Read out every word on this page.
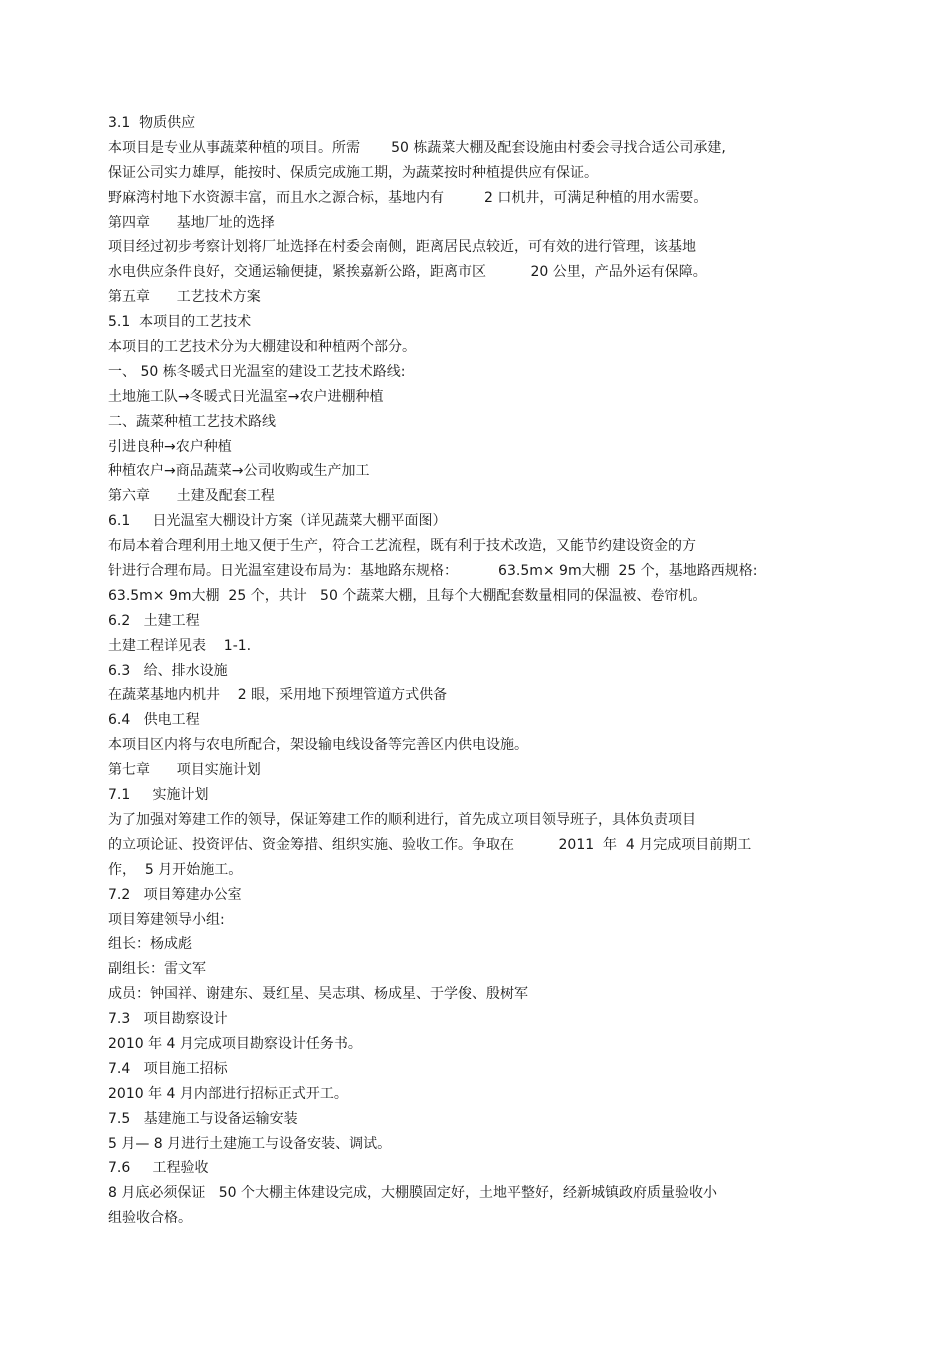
3.1  物质供应
本项目是专业从事蔬菜种植的项目。所需       50 栋蔬菜大棚及配套设施由村委会寻找合适公司承建,
保证公司实力雄厚，能按时、保质完成施工期，为蔬菜按时种植提供应有保证。
野麻湾村地下水资源丰富，而且水之源合标，基地内有         2 口机井，可满足种植的用水需要。
第四章      基地厂址的选择
项目经过初步考察计划将厂址选择在村委会南侧，距离居民点较近，可有效的进行管理，该基地
水电供应条件良好，交通运输便捷，紧挨嘉新公路，距离市区          20 公里，产品外运有保障。
第五章      工艺技术方案
5.1  本项目的工艺技术
本项目的工艺技术分为大棚建设和种植两个部分。
一、 50 栋冬暖式日光温室的建设工艺技术路线:
土地施工队→冬暖式日光温室→农户进棚种植
二、蔬菜种植工艺技术路线
引进良种→农户种植
种植农户→商品蔬菜→公司收购或生产加工
第六章      土建及配套工程
6.1     日光温室大棚设计方案（详见蔬菜大棚平面图）
布局本着合理利用土地又便于生产，符合工艺流程，既有利于技术改造，又能节约建设资金的方
针进行合理布局。日光温室建设布局为：基地路东规格：         63.5m× 9m大棚  25 个，基地路西规格:
63.5m× 9m大棚  25 个，共计   50 个蔬菜大棚，且每个大棚配套数量相同的保温被、卷帘机。
6.2   土建工程
土建工程详见表    1-1.
6.3   给、排水设施
在蔬菜基地内机井    2 眼，采用地下预埋管道方式供备
6.4   供电工程
本项目区内将与农电所配合，架设输电线设备等完善区内供电设施。
第七章      项目实施计划
7.1     实施计划
为了加强对筹建工作的领导，保证筹建工作的顺利进行，首先成立项目领导班子，具体负责项目
的立项论证、投资评估、资金筹措、组织实施、验收工作。争取在          2011  年  4 月完成项目前期工
作，  5 月开始施工。
7.2   项目筹建办公室
项目筹建领导小组:
组长：杨成彪
副组长：雷文军
成员：钟国祥、谢建东、聂红星、吴志琪、杨成星、于学俊、殷树军
7.3   项目勘察设计
2010 年 4 月完成项目勘察设计任务书。
7.4   项目施工招标
2010 年 4 月内部进行招标正式开工。
7.5   基建施工与设备运输安装
5 月— 8 月进行土建施工与设备安装、调试。
7.6     工程验收
8 月底必须保证   50 个大棚主体建设完成，大棚膜固定好，土地平整好，经新城镇政府质量验收小
组验收合格。
